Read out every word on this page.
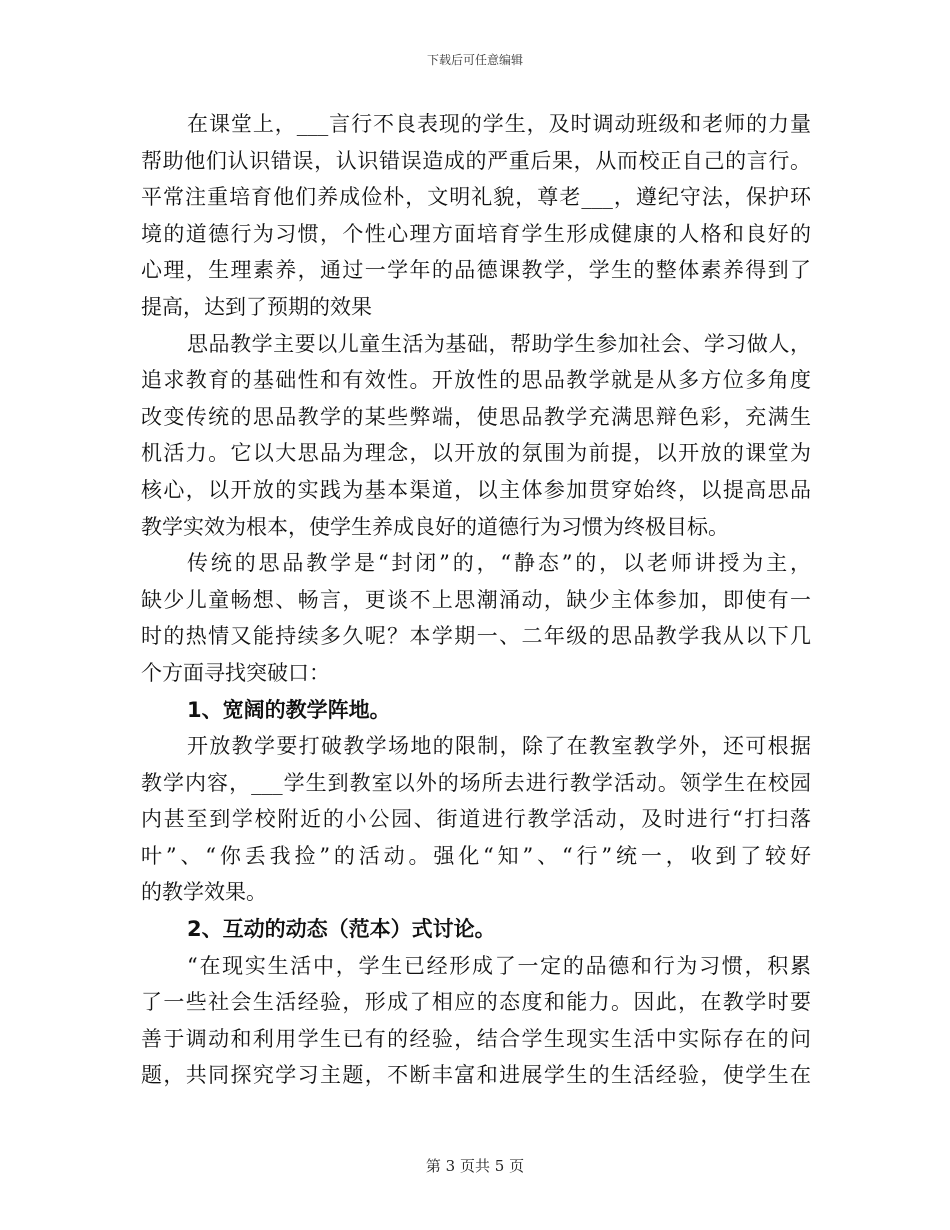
下载后可任意编辑
在课堂上，___言行不良表现的学生，及时调动班级和老师的力量
帮助他们认识错误，认识错误造成的严重后果，从而校正自己的言行。
平常注重培育他们养成俭朴，文明礼貌，尊老___，遵纪守法，保护环
境的道德行为习惯，个性心理方面培育学生形成健康的人格和良好的
心理，生理素养，通过一学年的品德课教学，学生的整体素养得到了
提高，达到了预期的效果
思品教学主要以儿童生活为基础，帮助学生参加社会、学习做人，
追求教育的基础性和有效性。开放性的思品教学就是从多方位多角度
改变传统的思品教学的某些弊端，使思品教学充满思辩色彩，充满生
机活力。它以大思品为理念，以开放的氛围为前提，以开放的课堂为
核心，以开放的实践为基本渠道，以主体参加贯穿始终，以提高思品
教学实效为根本，使学生养成良好的道德行为习惯为终极目标。
传统的思品教学是“封闭”的，“静态”的，以老师讲授为主，
缺少儿童畅想、畅言，更谈不上思潮涌动，缺少主体参加，即使有一
时的热情又能持续多久呢？本学期一、二年级的思品教学我从以下几
个方面寻找突破口：
1、宽阔的教学阵地。
开放教学要打破教学场地的限制，除了在教室教学外，还可根据
教学内容，___学生到教室以外的场所去进行教学活动。领学生在校园
内甚至到学校附近的小公园、街道进行教学活动，及时进行“打扫落
叶”、“你丢我捡”的活动。强化“知”、“行”统一，收到了较好
的教学效果。
2、互动的动态（范本）式讨论。
“在现实生活中，学生已经形成了一定的品德和行为习惯，积累
了一些社会生活经验，形成了相应的态度和能力。因此，在教学时要
善于调动和利用学生已有的经验，结合学生现实生活中实际存在的问
题，共同探究学习主题，不断丰富和进展学生的生活经验，使学生在
第 3 页共 5 页
